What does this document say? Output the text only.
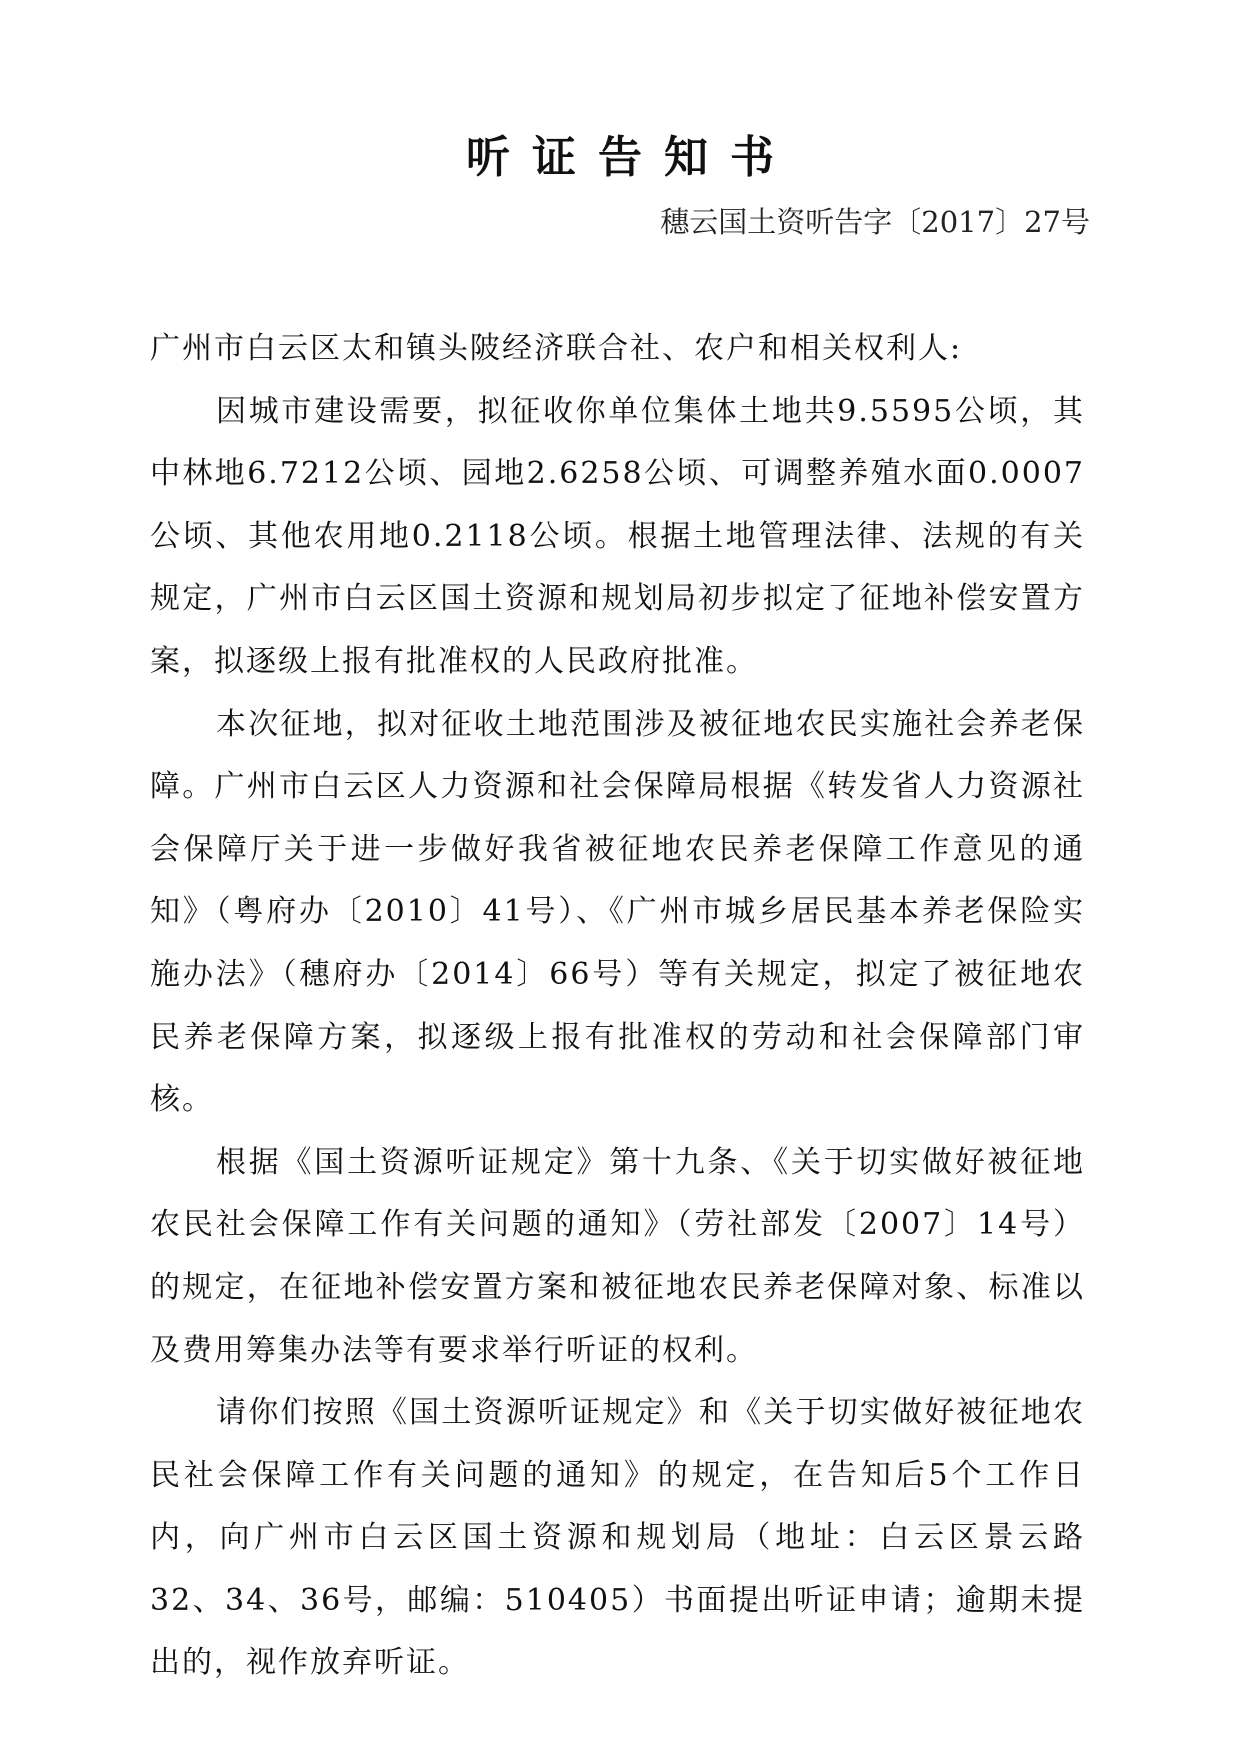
听证告知书
穗云国土资听告字〔2017〕27号

广州市白云区太和镇头陂经济联合社、农户和相关权利人:

因城市建设需要，拟征收你单位集体土地共9.5595公顷，其中林地6.7212公顷、园地2.6258公顷、可调整养殖水面0.0007公顷、其他农用地0.2118公顷。根据土地管理法律、法规的有关规定，广州市白云区国土资源和规划局初步拟定了征地补偿安置方案，拟逐级上报有批准权的人民政府批准。

本次征地，拟对征收土地范围涉及被征地农民实施社会养老保障。广州市白云区人力资源和社会保障局根据《转发省人力资源社会保障厅关于进一步做好我省被征地农民养老保障工作意见的通知》（粤府办〔2010〕41号）、《广州市城乡居民基本养老保险实施办法》（穗府办〔2014〕66号）等有关规定，拟定了被征地农民养老保障方案，拟逐级上报有批准权的劳动和社会保障部门审核。

根据《国土资源听证规定》第十九条、《关于切实做好被征地农民社会保障工作有关问题的通知》（劳社部发〔2007〕14号）的规定，在征地补偿安置方案和被征地农民养老保障对象、标准以及费用筹集办法等有要求举行听证的权利。

请你们按照《国土资源听证规定》和《关于切实做好被征地农民社会保障工作有关问题的通知》的规定，在告知后5个工作日内，向广州市白云区国土资源和规划局（地址：白云区景云路32、34、36号，邮编：510405）书面提出听证申请；逾期未提出的，视作放弃听证。
